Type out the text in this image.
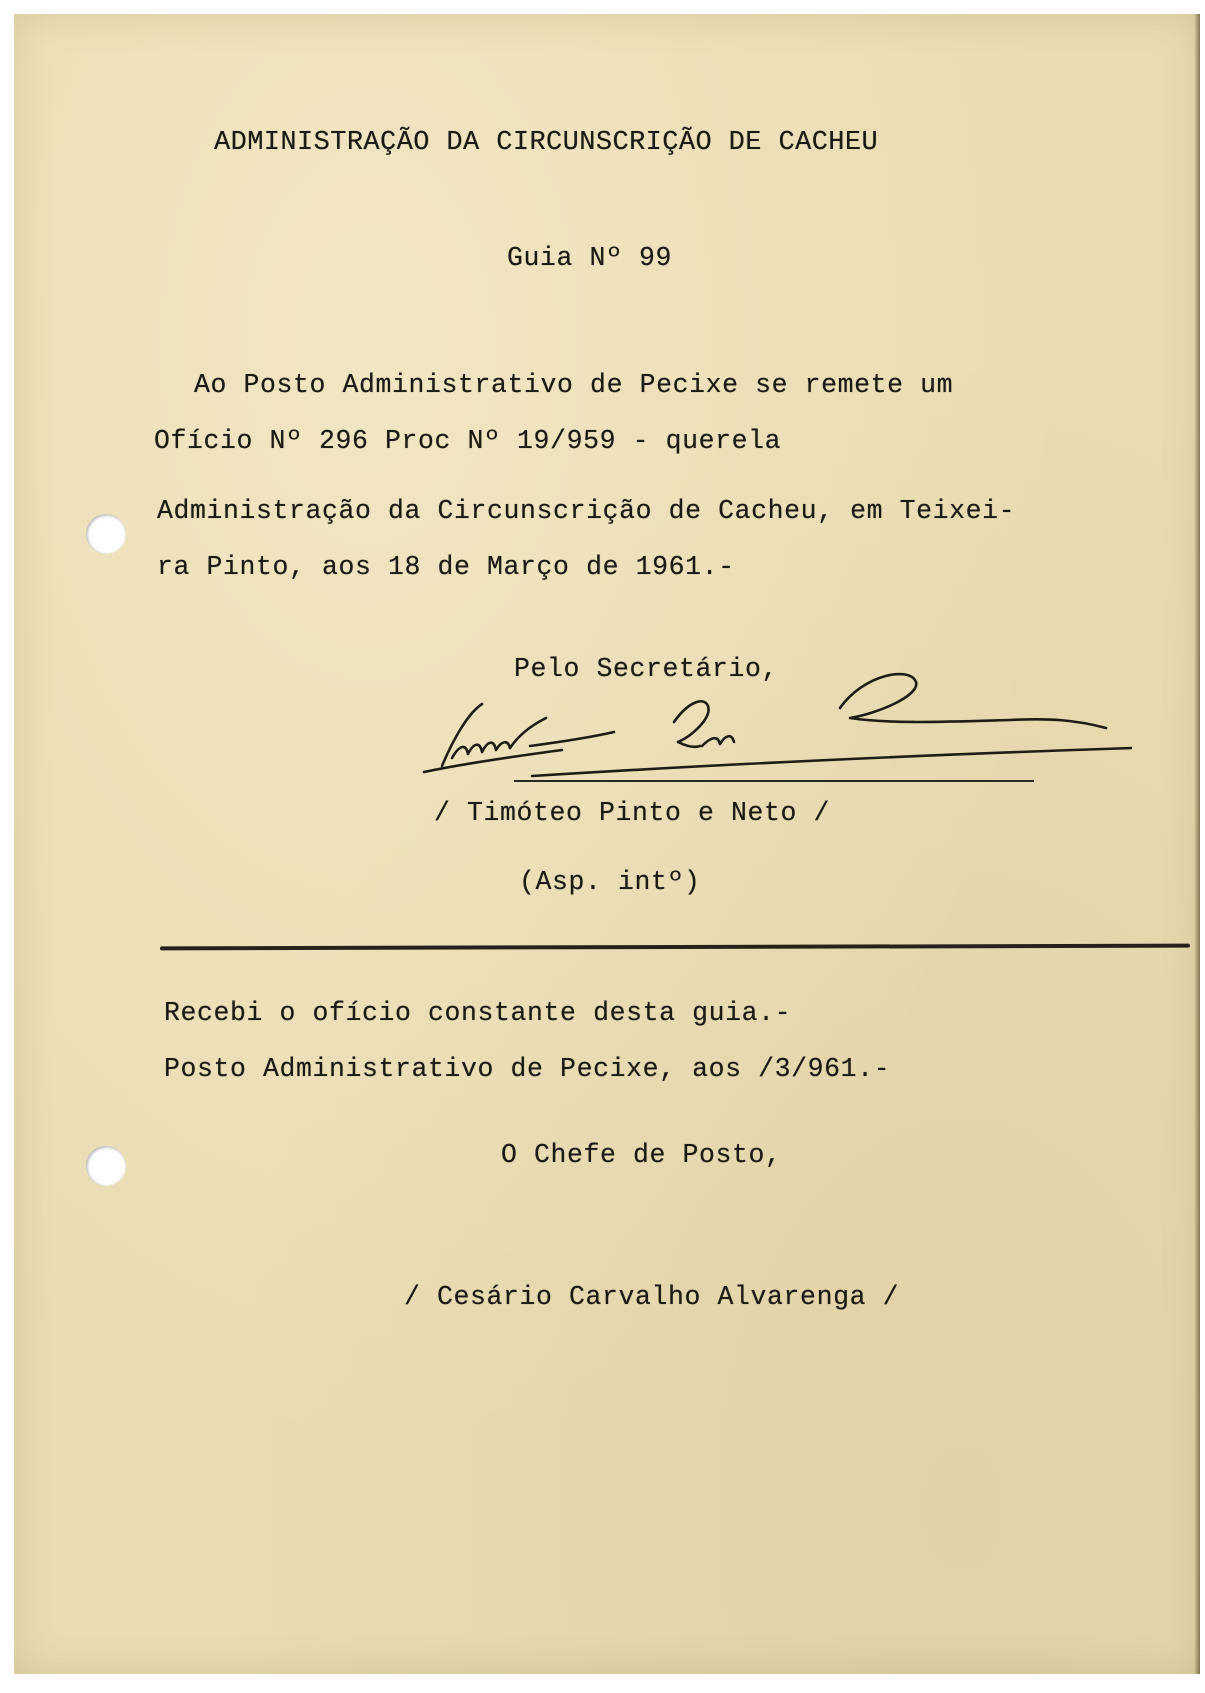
ADMINISTRAÇÃO DA CIRCUNSCRIÇÃO DE CACHEU

Guia Nº 99

Ao Posto Administrativo de Pecixe se remete um

Ofício Nº 296 Proc Nº 19/959 - querela

Administração da Circunscrição de Cacheu, em Teixei-

ra Pinto, aos 18 de Março de 1961.-

Pelo Secretário,

/ Timóteo Pinto e Neto /

(Asp. intº)

Recebi o ofício constante desta guia.-

Posto Administrativo de Pecixe, aos /3/961.-

O Chefe de Posto,

/ Cesário Carvalho Alvarenga /
